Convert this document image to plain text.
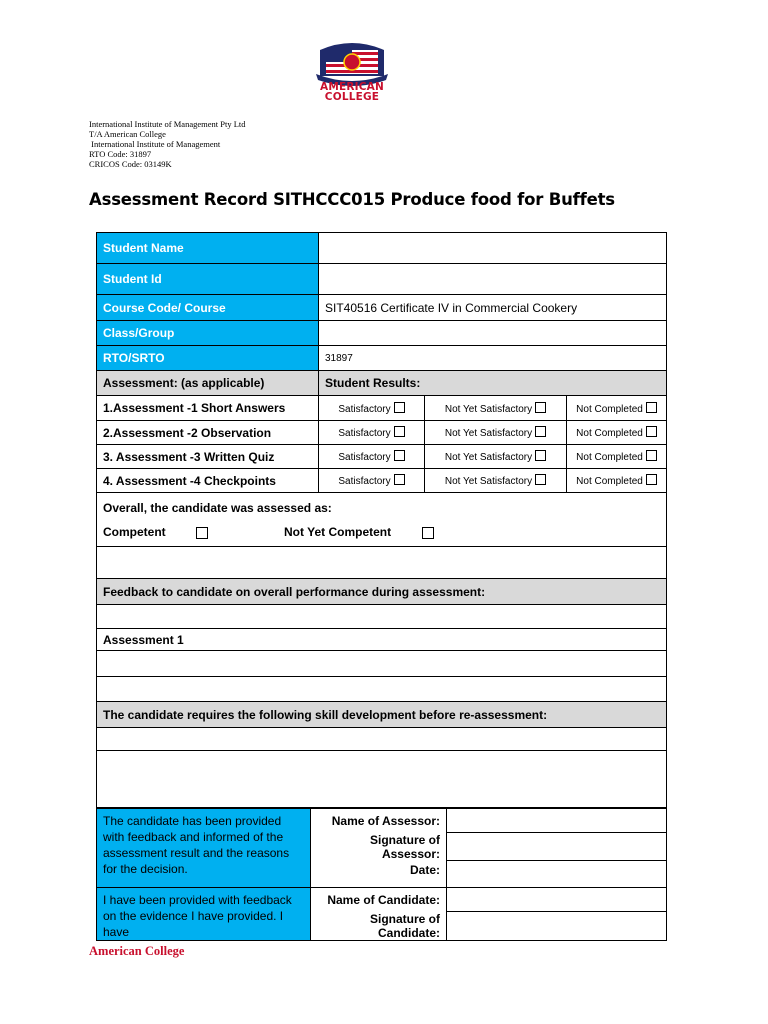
AMERICAN
COLLEGE
International Institute of Management Pty Ltd
T/A American College
International Institute of Management
RTO Code: 31897
CRICOS Code: 03149K
Assessment Record SITHCCC015 Produce food for Buffets
Student Name			
Student Id			
Course Code/ Course	SIT40516 Certificate IV in Commercial Cookery		
Class/Group			
RTO/SRTO	31897		
Assessment: (as applicable)	Student Results:		
1.Assessment -1 Short Answers	Satisfactory	Not Yet Satisfactory	Not Completed
2.Assessment -2 Observation	Satisfactory	Not Yet Satisfactory	Not Completed
3. Assessment -3 Written Quiz	Satisfactory	Not Yet Satisfactory	Not Completed
4. Assessment -4 Checkpoints	Satisfactory	Not Yet Satisfactory	Not Completed

Overall, the candidate was assessed as:
Competent Not Yet Competent			

Feedback to candidate on overall performance during assessment:			

Assessment 1			

The candidate requires the following skill development before re-assessment:			

The candidate has been provided with feedback and informed of the assessment result and the reasons for the decision.	Name of Assessor:	
	Signature of Assessor:	
	Date:	
I have been provided with feedback on the evidence I have provided. I have	Name of Candidate:	
	Signature of Candidate:	
American College
